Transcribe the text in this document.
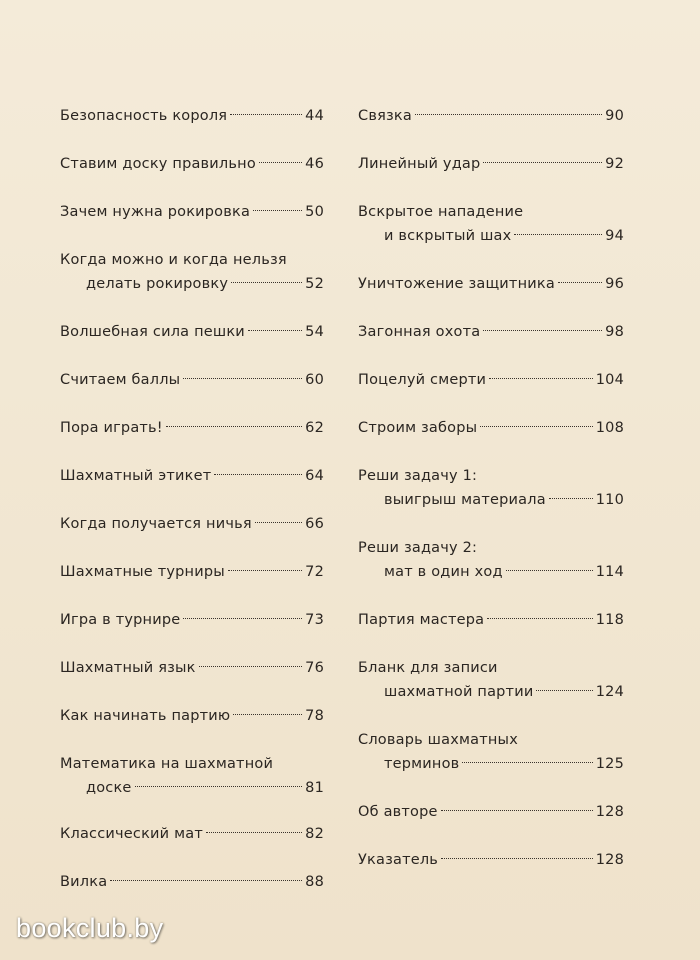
Безопасность короля	44
Ставим доску правильно	46
Зачем нужна рокировка	50
Когда можно и когда нельзя
делать рокировку	52
Волшебная сила пешки	54
Считаем баллы	60
Пора играть!	62
Шахматный этикет	64
Когда получается ничья	66
Шахматные турниры	72
Игра в турнире	73
Шахматный язык	76
Как начинать партию	78
Математика на шахматной
доске	81
Классический мат	82
Вилка	88
Связка	90
Линейный удар	92
Вскрытое нападение
и вскрытый шах	94
Уничтожение защитника	96
Загонная охота	98
Поцелуй смерти	104
Строим заборы	108
Реши задачу 1:
выигрыш материала	110
Реши задачу 2:
мат в один ход	114
Партия мастера	118
Бланк для записи
шахматной партии	124
Словарь шахматных
терминов	125
Об авторе	128
Указатель	128
bookclub.by
